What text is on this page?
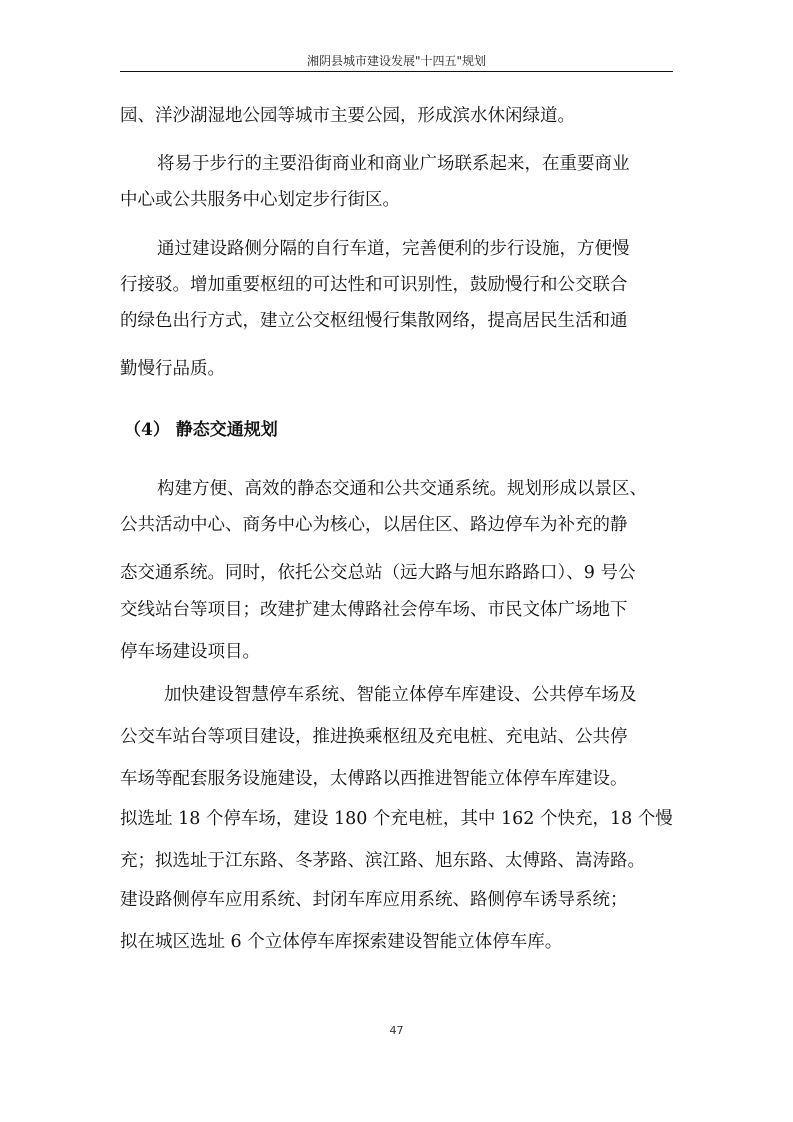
湘阴县城市建设发展"十四五"规划
园、洋沙湖湿地公园等城市主要公园，形成滨水休闲绿道。
将易于步行的主要沿街商业和商业广场联系起来，在重要商业
中心或公共服务中心划定步行街区。
通过建设路侧分隔的自行车道，完善便利的步行设施，方便慢
行接驳。增加重要枢纽的可达性和可识别性，鼓励慢行和公交联合
的绿色出行方式，建立公交枢纽慢行集散网络，提高居民生活和通
勤慢行品质。
（4） 静态交通规划
构建方便、高效的静态交通和公共交通系统。规划形成以景区、
公共活动中心、商务中心为核心，以居住区、路边停车为补充的静
态交通系统。同时，依托公交总站（远大路与旭东路路口）、9 号公
交线站台等项目；改建扩建太傅路社会停车场、市民文体广场地下
停车场建设项目。
加快建设智慧停车系统、智能立体停车库建设、公共停车场及
公交车站台等项目建设，推进换乘枢纽及充电桩、充电站、公共停
车场等配套服务设施建设，太傅路以西推进智能立体停车库建设。
拟选址 18 个停车场，建设 180 个充电桩，其中 162 个快充，18 个慢
充；拟选址于江东路、冬茅路、滨江路、旭东路、太傅路、嵩涛路。
建设路侧停车应用系统、封闭车库应用系统、路侧停车诱导系统；
拟在城区选址 6 个立体停车库探索建设智能立体停车库。
47
